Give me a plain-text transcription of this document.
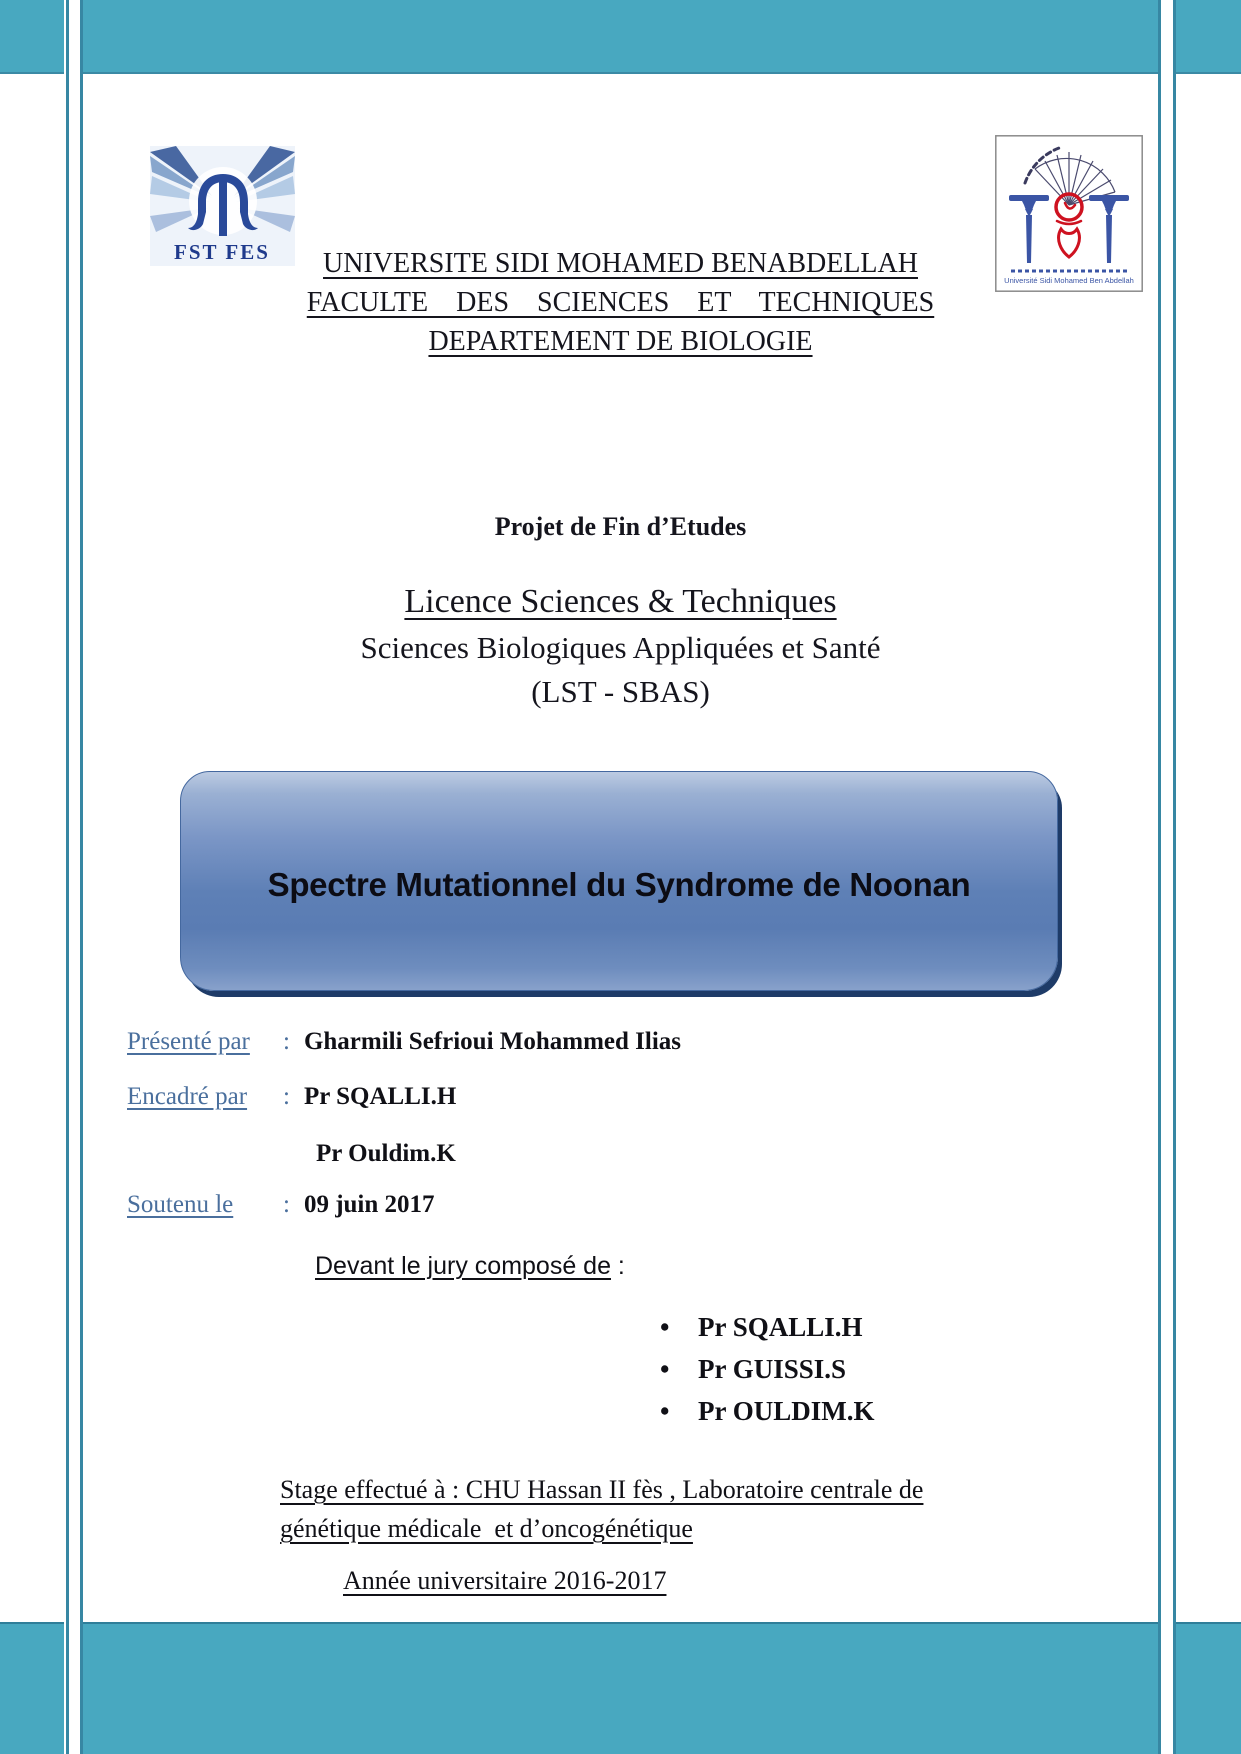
FST FES
Université Sidi Mohamed Ben Abdellah
UNIVERSITE SIDI MOHAMED BENABDELLAH
FACULTE  DES  SCIENCES  ET  TECHNIQUES
DEPARTEMENT DE BIOLOGIE
Projet de Fin d’Etudes
Licence Sciences & Techniques
Sciences Biologiques Appliquées et Santé
(LST - SBAS)
Spectre Mutationnel du Syndrome de Noonan
Présenté par : Gharmili Sefrioui Mohammed Ilias
Encadré par : Pr SQALLI.H
Pr Ouldim.K
Soutenu le : 09 juin 2017
Devant le jury composé de :
• Pr SQALLI.H
• Pr GUISSI.S
• Pr OULDIM.K
Stage effectué à : CHU Hassan II fès , Laboratoire centrale de
génétique médicale  et d’oncogénétique
Année universitaire 2016-2017
